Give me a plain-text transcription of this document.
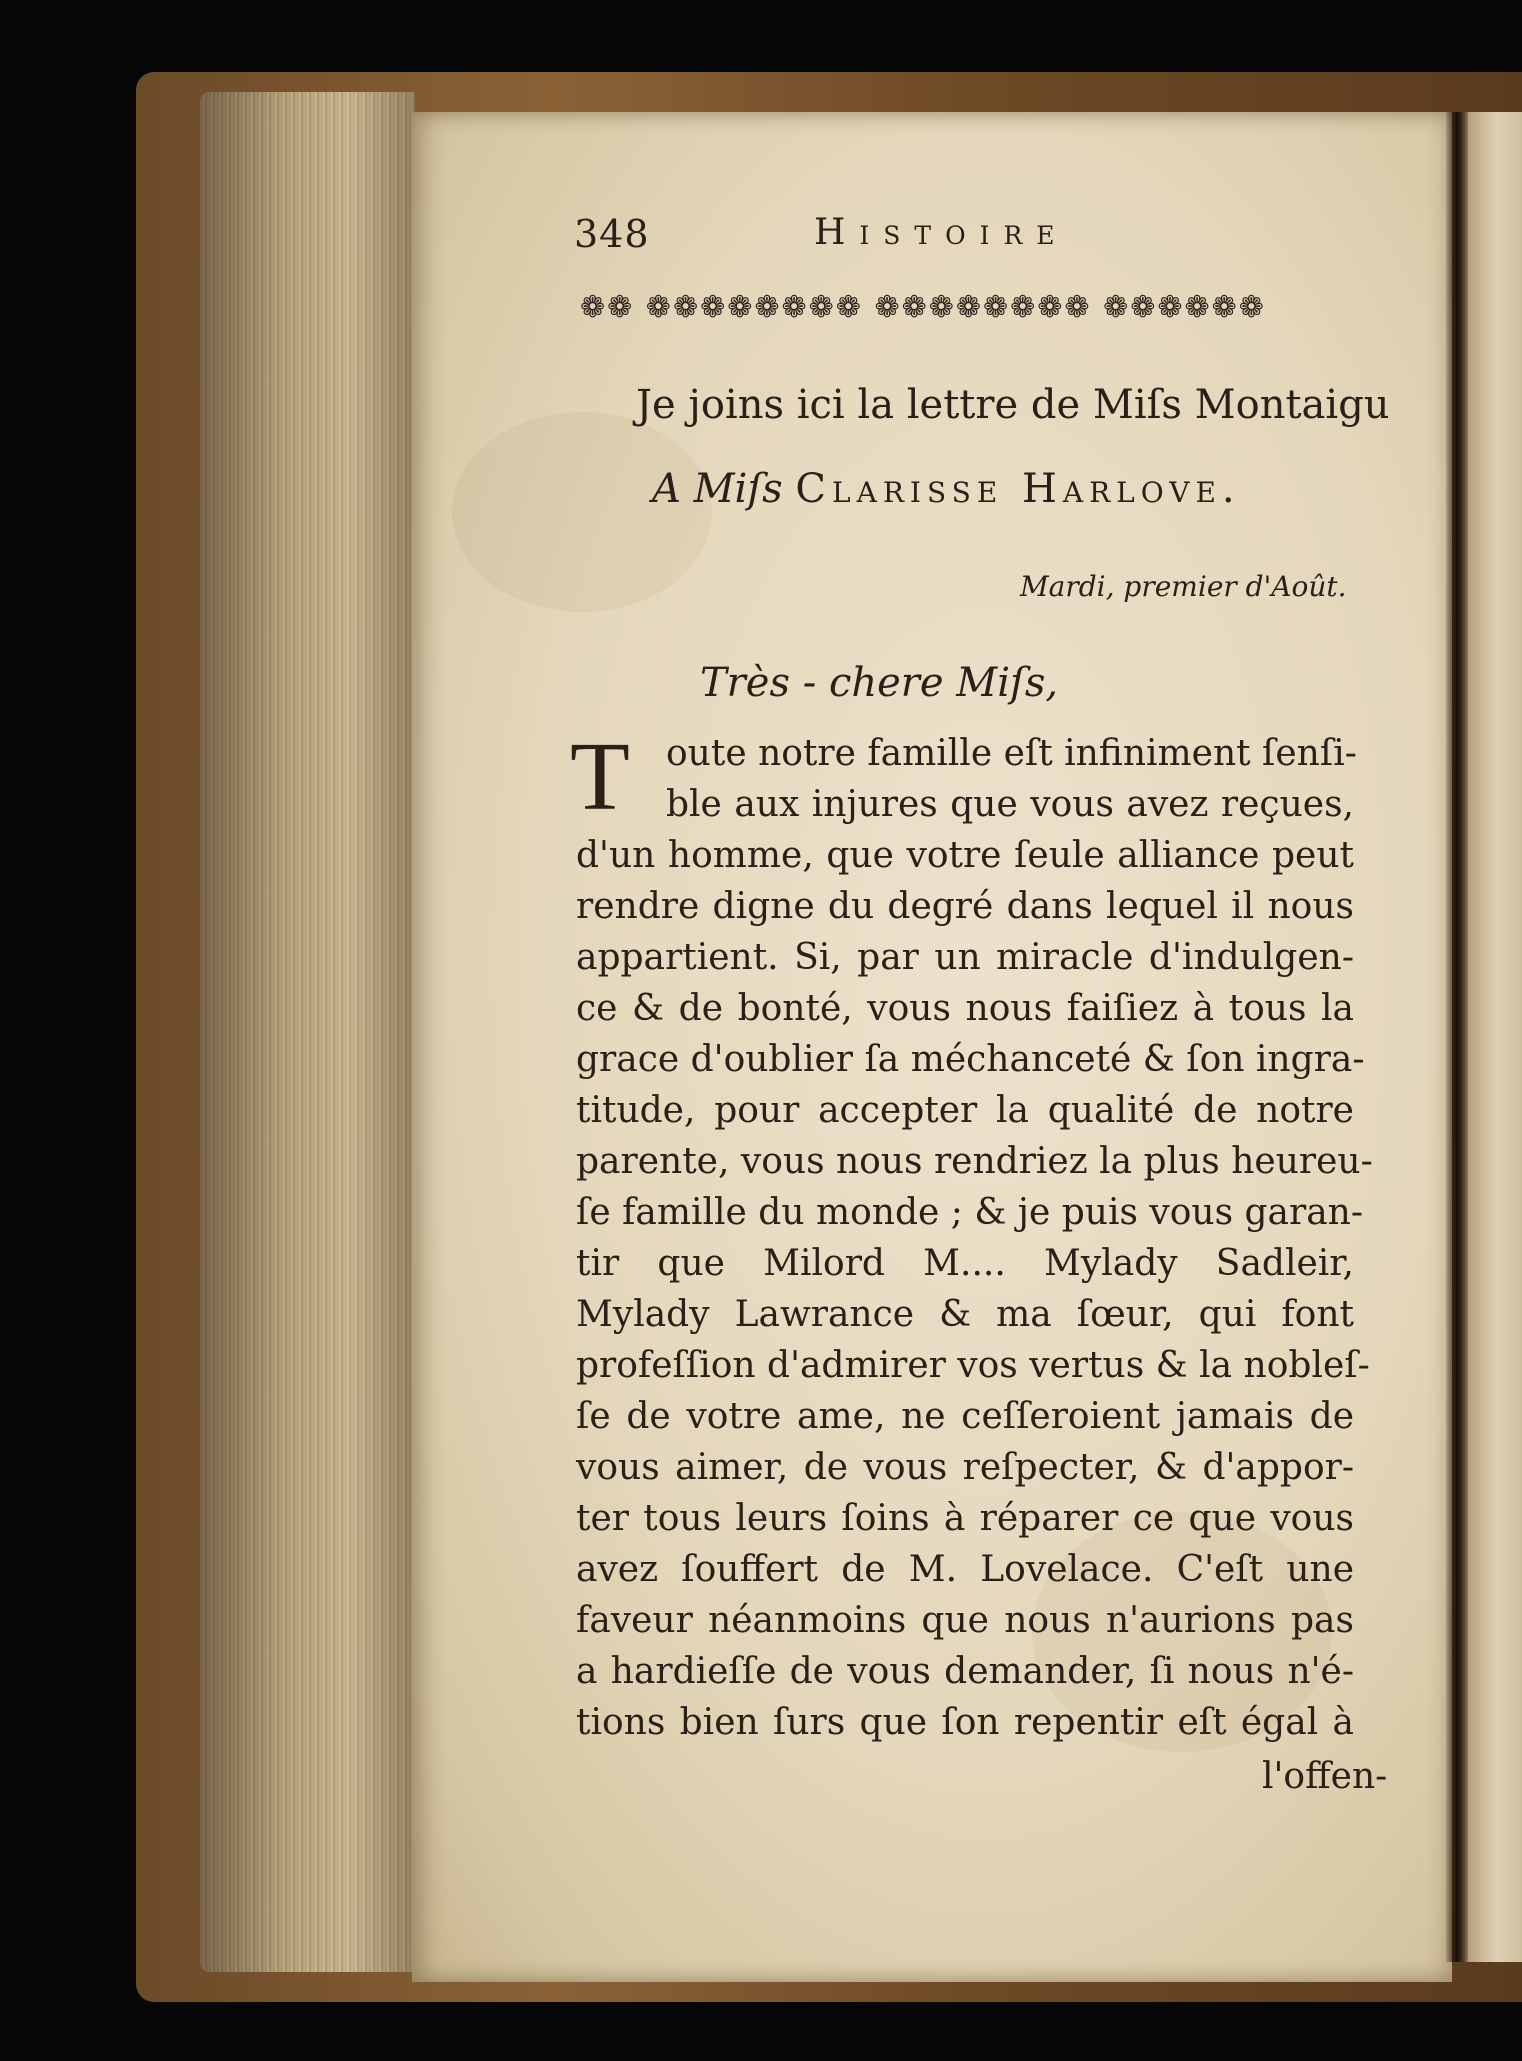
348	Histoire
❁❁ ❁❁❁❁❁❁❁❁ ❁❁❁❁❁❁❁❁ ❁❁❁❁❁❁
Je joins ici la lettre de Miſs Montaigu
A Miſs Clarisse Harlove.
Mardi, premier d'Août.
Très - chere Miſs,
T	oute notre famille eſt infiniment ſenſi-
ble aux injures que vous avez reçues,
d'un homme, que votre ſeule alliance peut
rendre digne du degré dans lequel il nous
appartient. Si, par un miracle d'indulgen-
ce & de bonté, vous nous faiſiez à tous la
grace d'oublier ſa méchanceté & ſon ingra-
titude, pour accepter la qualité de notre
parente, vous nous rendriez la plus heureu-
ſe famille du monde ; & je puis vous garan-
tir que Milord M.... Mylady Sadleir,
Mylady Lawrance & ma ſœur, qui font
profeſſion d'admirer vos vertus & la nobleſ-
ſe de votre ame, ne ceſſeroient jamais de
vous aimer, de vous reſpecter, & d'appor-
ter tous leurs ſoins à réparer ce que vous
avez ſouffert de M. Lovelace. C'eſt une
faveur néanmoins que nous n'aurions pas
a hardieſſe de vous demander, ſi nous n'é-
tions bien ſurs que ſon repentir eſt égal à
l'offen-
